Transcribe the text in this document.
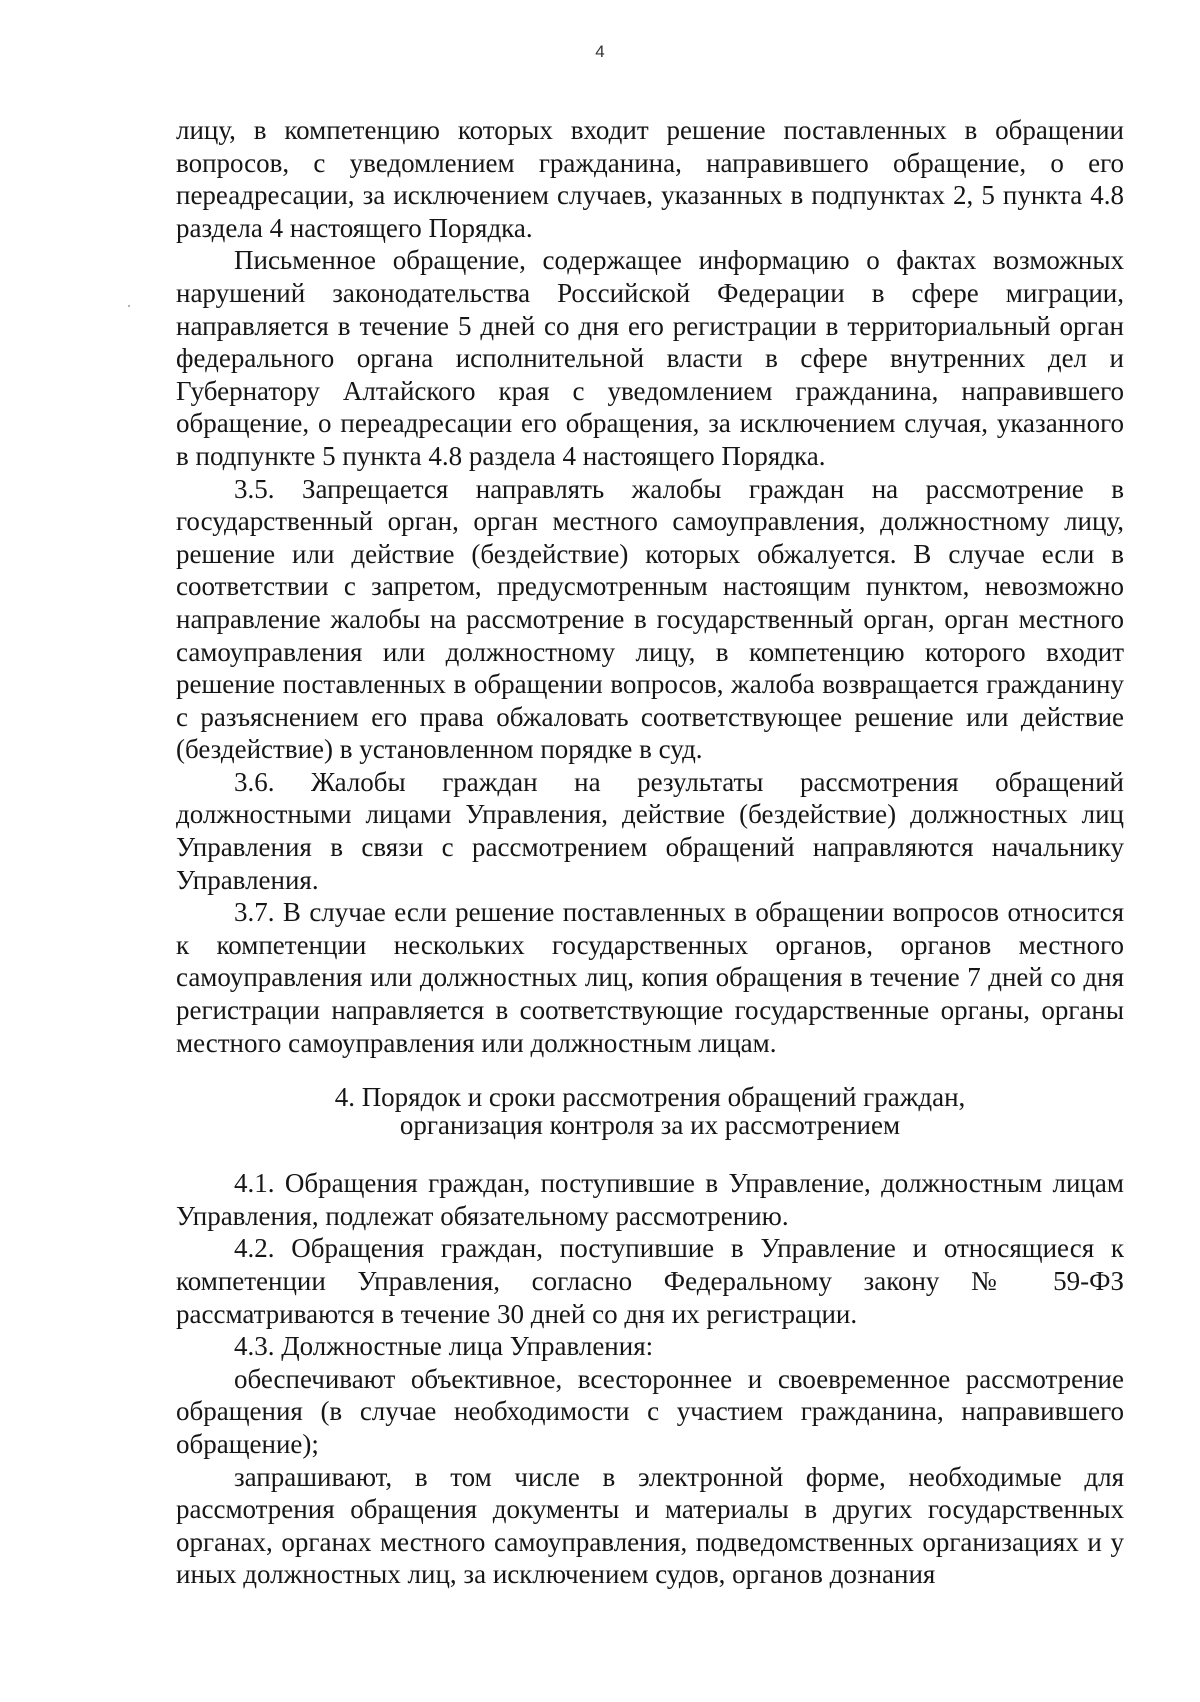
4

лицу, в компетенцию которых входит решение поставленных в обращении вопросов, с уведомлением гражданина, направившего обращение, о его переадресации, за исключением случаев, указанных в подпунктах 2, 5 пункта 4.8 раздела 4 настоящего Порядка.

Письменное обращение, содержащее информацию о фактах возможных нарушений законодательства Российской Федерации в сфере миграции, направляется в течение 5 дней со дня его регистрации в территориальный орган федерального органа исполнительной власти в сфере внутренних дел и Губернатору Алтайского края с уведомлением гражданина, направившего обращение, о переадресации его обращения, за исключением случая, указанного в подпункте 5 пункта 4.8 раздела 4 настоящего Порядка.

3.5. Запрещается направлять жалобы граждан на рассмотрение в государственный орган, орган местного самоуправления, должностному лицу, решение или действие (бездействие) которых обжалуется. В случае если в соответствии с запретом, предусмотренным настоящим пунктом, невозможно направление жалобы на рассмотрение в государственный орган, орган местного самоуправления или должностному лицу, в компетенцию которого входит решение поставленных в обращении вопросов, жалоба возвращается гражданину с разъяснением его права обжаловать соответствующее решение или действие (бездействие) в установленном порядке в суд.

3.6. Жалобы граждан на результаты рассмотрения обращений должностными лицами Управления, действие (бездействие) должностных лиц Управления в связи с рассмотрением обращений направляются начальнику Управления.

3.7. В случае если решение поставленных в обращении вопросов относится к компетенции нескольких государственных органов, органов местного самоуправления или должностных лиц, копия обращения в течение 7 дней со дня регистрации направляется в соответствующие государственные органы, органы местного самоуправления или должностным лицам.

4. Порядок и сроки рассмотрения обращений граждан,
организация контроля за их рассмотрением

4.1. Обращения граждан, поступившие в Управление, должностным лицам Управления, подлежат обязательному рассмотрению.

4.2. Обращения граждан, поступившие в Управление и относящиеся к компетенции Управления, согласно Федеральному закону № 59-ФЗ рассматриваются в течение 30 дней со дня их регистрации.

4.3. Должностные лица Управления:

обеспечивают объективное, всестороннее и своевременное рассмотрение обращения (в случае необходимости с участием гражданина, направившего обращение);

запрашивают, в том числе в электронной форме, необходимые для рассмотрения обращения документы и материалы в других государственных органах, органах местного самоуправления, подведомственных организациях и у иных должностных лиц, за исключением судов, органов дознания
